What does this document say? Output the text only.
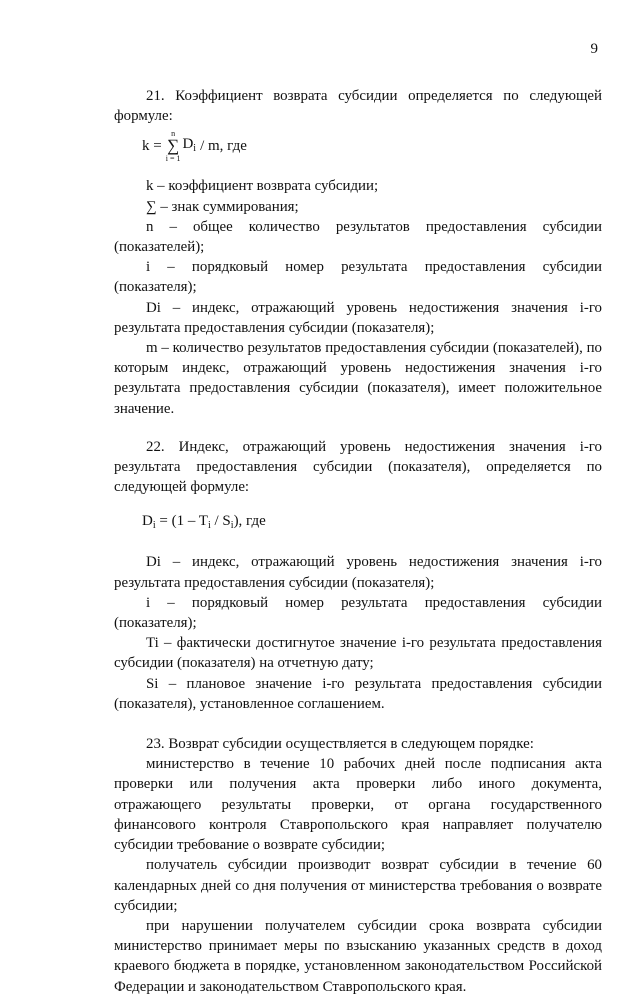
9

21. Коэффициент возврата субсидии определяется по следующей формуле:

k =
n
∑
i = 1
$D_i$ / m, где

k – коэффициент возврата субсидии;

∑ – знак суммирования;

n – общее количество результатов предоставления субсидии (показателей);

i – порядковый номер результата предоставления субсидии (показателя);

Di – индекс, отражающий уровень недостижения значения i-го результата предоставления субсидии (показателя);

m – количество результатов предоставления субсидии (показателей), по которым индекс, отражающий уровень недостижения значения i-го результата предоставления субсидии (показателя), имеет положительное значение.

22. Индекс, отражающий уровень недостижения значения i-го результата предоставления субсидии (показателя), определяется по следующей формуле:

$D_i = (1 - T_i / S_i)$, где

Di – индекс, отражающий уровень недостижения значения i-го результата предоставления субсидии (показателя);

i – порядковый номер результата предоставления субсидии (показателя);

Ti – фактически достигнутое значение i-го результата предоставления субсидии (показателя) на отчетную дату;

Si – плановое значение i-го результата предоставления субсидии (показателя), установленное соглашением.

23. Возврат субсидии осуществляется в следующем порядке:

министерство в течение 10 рабочих дней после подписания акта проверки или получения акта проверки либо иного документа, отражающего результаты проверки, от органа государственного финансового контроля Ставропольского края направляет получателю субсидии требование о возврате субсидии;

получатель субсидии производит возврат субсидии в течение 60 календарных дней со дня получения от министерства требования о возврате субсидии;

при нарушении получателем субсидии срока возврата субсидии министерство принимает меры по взысканию указанных средств в доход краевого бюджета в порядке, установленном законодательством Российской Федерации и законодательством Ставропольского края.
